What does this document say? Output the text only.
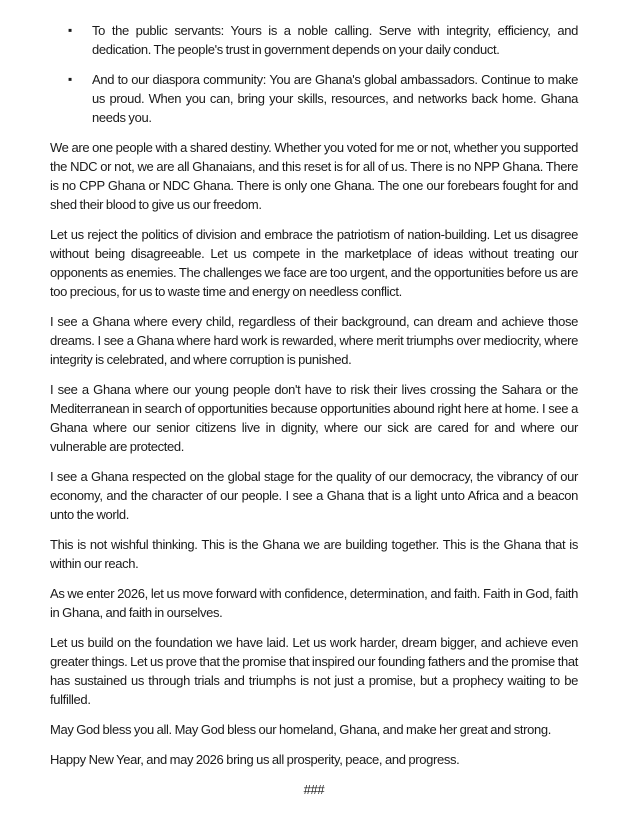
▪	To the public servants: Yours is a noble calling. Serve with integrity, efficiency, and dedication. The people's trust in government depends on your daily conduct.
▪	And to our diaspora community: You are Ghana's global ambassadors. Continue to make us proud. When you can, bring your skills, resources, and networks back home. Ghana needs you.

We are one people with a shared destiny. Whether you voted for me or not, whether you supported the NDC or not, we are all Ghanaians, and this reset is for all of us. There is no NPP Ghana. There is no CPP Ghana or NDC Ghana. There is only one Ghana. The one our forebears fought for and shed their blood to give us our freedom.

Let us reject the politics of division and embrace the patriotism of nation-building. Let us disagree without being disagreeable. Let us compete in the marketplace of ideas without treating our opponents as enemies. The challenges we face are too urgent, and the opportunities before us are too precious, for us to waste time and energy on needless conflict.

I see a Ghana where every child, regardless of their background, can dream and achieve those dreams. I see a Ghana where hard work is rewarded, where merit triumphs over mediocrity, where integrity is celebrated, and where corruption is punished.

I see a Ghana where our young people don't have to risk their lives crossing the Sahara or the Mediterranean in search of opportunities because opportunities abound right here at home. I see a Ghana where our senior citizens live in dignity, where our sick are cared for and where our vulnerable are protected.

I see a Ghana respected on the global stage for the quality of our democracy, the vibrancy of our economy, and the character of our people. I see a Ghana that is a light unto Africa and a beacon unto the world.

This is not wishful thinking. This is the Ghana we are building together. This is the Ghana that is within our reach.

As we enter 2026, let us move forward with confidence, determination, and faith. Faith in God, faith in Ghana, and faith in ourselves.

Let us build on the foundation we have laid. Let us work harder, dream bigger, and achieve even greater things. Let us prove that the promise that inspired our founding fathers and the promise that has sustained us through trials and triumphs is not just a promise, but a prophecy waiting to be fulfilled.

May God bless you all. May God bless our homeland, Ghana, and make her great and strong.

Happy New Year, and may 2026 bring us all prosperity, peace, and progress.

###
